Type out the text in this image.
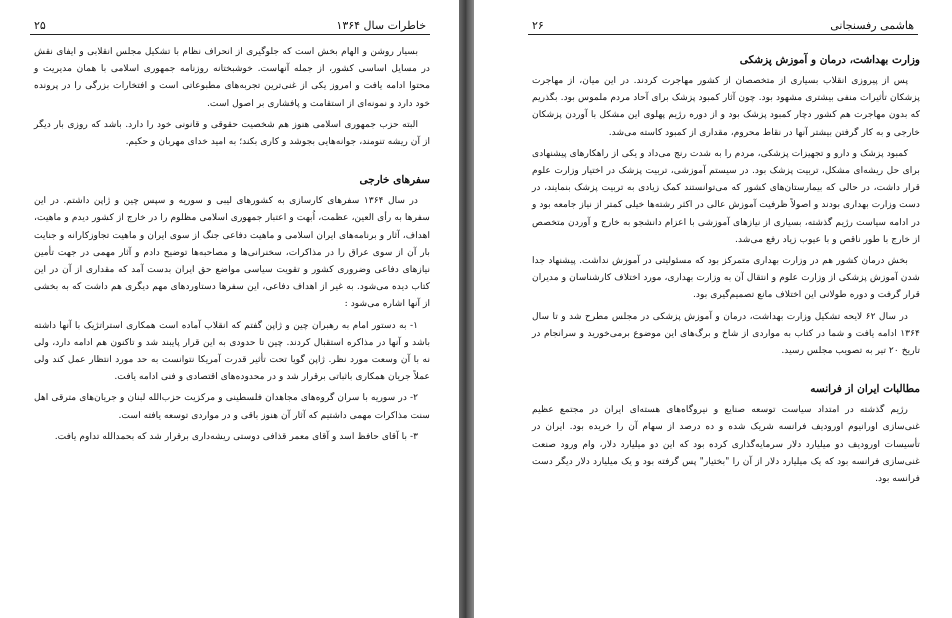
۲۵	خاطرات سال ۱۳۶۴

بسیار روشن و الهام بخش است که جلوگیری از انحراف نظام با تشکیل مجلس انقلابی و ایفای نقش در مسایل اساسی کشور، از جمله آنهاست. خوشبختانه روزنامه جمهوری اسلامی با همان مدیریت و محتوا ادامه یافت و امروز یکی از غنی‌ترین تجربه‌های مطبوعاتی است و افتخارات بزرگی را در پرونده خود دارد و نمونه‌ای از استقامت و پافشاری بر اصول است.

البته حزب جمهوری اسلامی هنوز هم شخصیت حقوقی و قانونی خود را دارد. باشد که روزی بار دیگر از آن ریشه تنومند، جوانه‌هایی بجوشد و کاری بکند؛ به امید خدای مهربان و حکیم.

سفرهای خارجی

در سال ۱۳۶۴ سفرهای کارسازی به کشورهای لیبی و سوریه و سپس چین و ژاپن داشتم. در این سفرها به رأی العین، عظمت، اُبهت و اعتبار جمهوری اسلامی مظلوم را در خارج از کشور دیدم و ماهیت، اهداف، آثار و برنامه‌های ایران اسلامی و ماهیت دفاعی جنگ از سوی ایران و ماهیت تجاوزکارانه و جنایت بار آن از سوی عراق را در مذاکرات، سخنرانی‌ها و مصاحبه‌ها توضیح دادم و آثار مهمی در جهت تأمین نیازهای دفاعی وضروری کشور و تقویت سیاسی مواضع حق ایران بدست آمد که مقداری از آن در این کتاب دیده می‌شود. به غیر از اهداف دفاعی، این سفرها دستاوردهای مهم دیگری هم داشت که به بخشی از آنها اشاره می‌شود :

۱- به دستور امام به رهبران چین و ژاپن گفتم که انقلاب آماده است همکاری استراتژیک با آنها داشته باشد و آنها در مذاکره استقبال کردند. چین تا حدودی به این قرار پایبند شد و تاکنون هم ادامه دارد، ولی نه با آن وسعت مورد نظر. ژاپن گویا تحت تأثیر قدرت آمریکا نتوانست به حد مورد انتظار عمل کند ولی عملاً جریان همکاری باثباتی برقرار شد و در محدوده‌های اقتصادی و فنی ادامه یافت.

۲- در سوریه با سران گروه‌های مجاهدان فلسطینی و مرکزیت حزب‌الله لبنان و جریان‌های مترقی اهل سنت مذاکرات مهمی داشتیم که آثار آن هنوز باقی و در مواردی توسعه یافته است.

۳- با آقای حافظ اسد و آقای معمر قذافی دوستی ریشه‌داری برقرار شد که بحمدالله تداوم یافت.

۲۶	هاشمی رفسنجانی
وزارت بهداشت، درمان و آموزش پزشکی

پس از پیروزی انقلاب بسیاری از متخصصان از کشور مهاجرت کردند. در این میان، از مهاجرت پزشکان تأثیرات منفی بیشتری مشهود بود. چون آثار کمبود پزشک برای آحاد مردم ملموس بود. بگذریم که بدون مهاجرت هم کشور دچار کمبود پزشک بود و از دوره رژیم پهلوی این مشکل با آوردن پزشکان خارجی و به کار گرفتن بیشتر آنها در نقاط محروم، مقداری از کمبود کاسته می‌شد.

کمبود پزشک و دارو و تجهیزات پزشکی، مردم را به شدت رنج می‌داد و یکی از راهکارهای پیشنهادی برای حل ریشه‌ای مشکل، تربیت پزشک بود. در سیستم آموزشی، تربیت پزشک در اختیار وزارت علوم قرار داشت، در حالی که بیمارستان‌های کشور که می‌توانستند کمک زیادی به تربیت پزشک بنمایند، در دست وزارت بهداری بودند و اصولاً ظرفیت آموزش عالی در اکثر رشته‌ها خیلی کمتر از نیاز جامعه بود و در ادامه سیاست رژیم گذشته، بسیاری از نیازهای آموزشی با اعزام دانشجو به خارج و آوردن متخصص از خارج با طور ناقص و با عیوب زیاد رفع می‌شد.

بخش درمان کشور هم در وزارت بهداری متمرکز بود که مسئولیتی در آموزش نداشت. پیشنهاد جدا شدن آموزش پزشکی از وزارت علوم و انتقال آن به وزارت بهداری، مورد اختلاف کارشناسان و مدیران قرار گرفت و دوره طولانی این اختلاف مانع تصمیم‌گیری بود.

در سال ۶۲ لایحه تشکیل وزارت بهداشت، درمان و آموزش پزشکی در مجلس مطرح شد و تا سال ۱۳۶۴ ادامه یافت و شما در کتاب به مواردی از شاخ و برگ‌های این موضوع برمی‌خورید و سرانجام در تاریخ ۲۰ تیر به تصویب مجلس رسید.

مطالبات ایران از فرانسه

رژیم گذشته در امتداد سیاست توسعه صنایع و نیروگاه‌های هسته‌ای ایران در مجتمع عظیم غنی‌سازی اورانیوم اورودیف فرانسه شریک شده و ده درصد از سهام آن را خریده بود. ایران در تأسیسات اورودیف دو میلیارد دلار سرمایه‌گذاری کرده بود که این دو میلیارد دلار، وام ورود صنعت غنی‌سازی فرانسه بود که یک میلیارد دلار از آن را "بختیار" پس گرفته بود و یک میلیارد دلار دیگر دست فرانسه بود.
